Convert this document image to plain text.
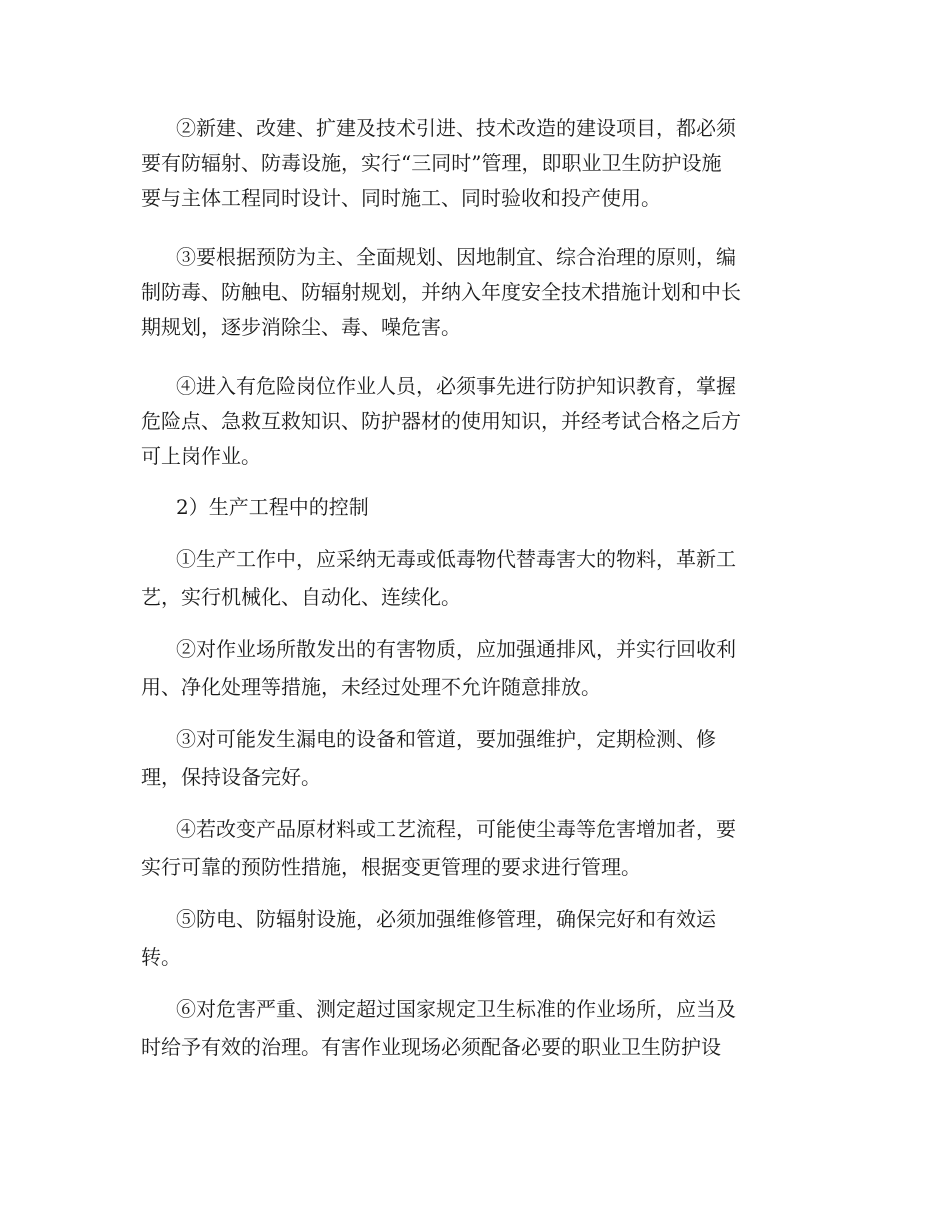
②新建、改建、扩建及技术引进、技术改造的建设项目，都必须
要有防辐射、防毒设施，实行“三同时”管理，即职业卫生防护设施
要与主体工程同时设计、同时施工、同时验收和投产使用。
③要根据预防为主、全面规划、因地制宜、综合治理的原则，编
制防毒、防触电、防辐射规划，并纳入年度安全技术措施计划和中长
期规划，逐步消除尘、毒、噪危害。
④进入有危险岗位作业人员，必须事先进行防护知识教育，掌握
危险点、急救互救知识、防护器材的使用知识，并经考试合格之后方
可上岗作业。
2）生产工程中的控制
①生产工作中，应采纳无毒或低毒物代替毒害大的物料，革新工
艺，实行机械化、自动化、连续化。
②对作业场所散发出的有害物质，应加强通排风，并实行回收利
用、净化处理等措施，未经过处理不允许随意排放。
③对可能发生漏电的设备和管道，要加强维护，定期检测、修
理，保持设备完好。
④若改变产品原材料或工艺流程，可能使尘毒等危害增加者，要
实行可靠的预防性措施，根据变更管理的要求进行管理。
⑤防电、防辐射设施，必须加强维修管理，确保完好和有效运
转。
⑥对危害严重、测定超过国家规定卫生标准的作业场所，应当及
时给予有效的治理。有害作业现场必须配备必要的职业卫生防护设
